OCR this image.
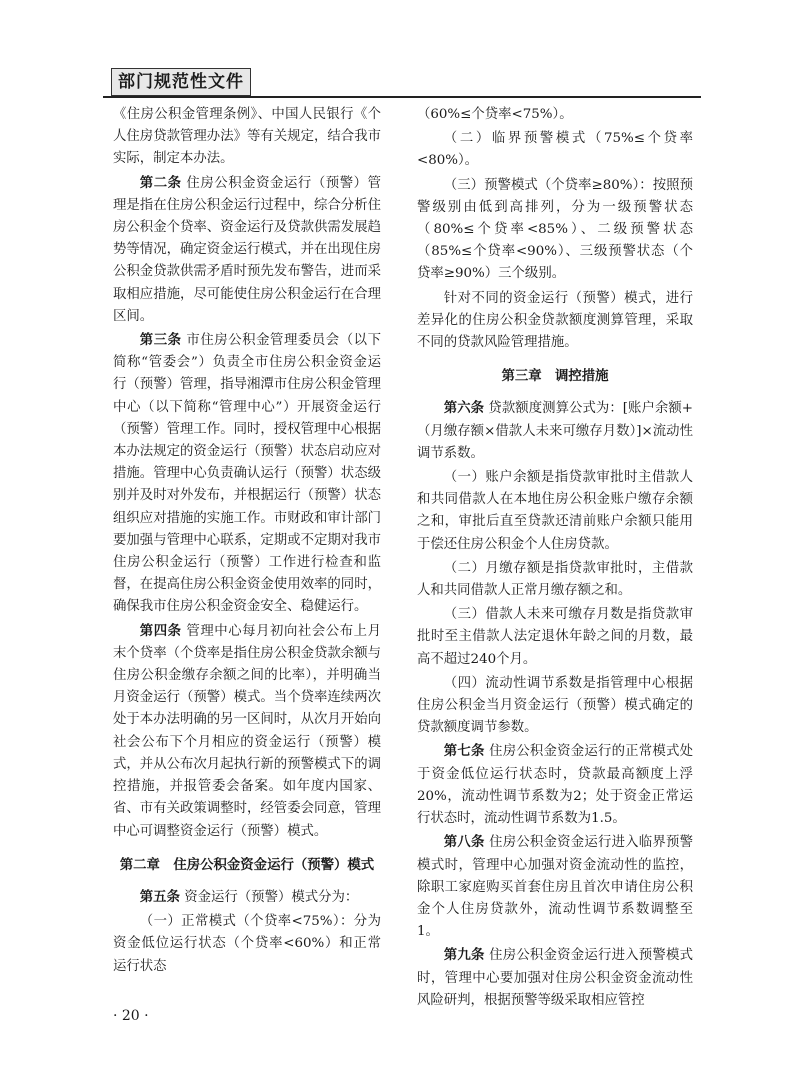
部门规范性文件

《住房公积金管理条例》、中国人民银行《个人住房贷款管理办法》等有关规定，结合我市实际，制定本办法。

第二条 住房公积金资金运行（预警）管理是指在住房公积金运行过程中，综合分析住房公积金个贷率、资金运行及贷款供需发展趋势等情况，确定资金运行模式，并在出现住房公积金贷款供需矛盾时预先发布警告，进而采取相应措施，尽可能使住房公积金运行在合理区间。

第三条 市住房公积金管理委员会（以下简称“管委会”）负责全市住房公积金资金运行（预警）管理，指导湘潭市住房公积金管理中心（以下简称“管理中心”）开展资金运行（预警）管理工作。同时，授权管理中心根据本办法规定的资金运行（预警）状态启动应对措施。管理中心负责确认运行（预警）状态级别并及时对外发布，并根据运行（预警）状态组织应对措施的实施工作。市财政和审计部门要加强与管理中心联系，定期或不定期对我市住房公积金运行（预警）工作进行检查和监督，在提高住房公积金资金使用效率的同时，确保我市住房公积金资金安全、稳健运行。

第四条 管理中心每月初向社会公布上月末个贷率（个贷率是指住房公积金贷款余额与住房公积金缴存余额之间的比率），并明确当月资金运行（预警）模式。当个贷率连续两次处于本办法明确的另一区间时，从次月开始向社会公布下个月相应的资金运行（预警）模式，并从公布次月起执行新的预警模式下的调控措施，并报管委会备案。如年度内国家、省、市有关政策调整时，经管委会同意，管理中心可调整资金运行（预警）模式。

第二章 住房公积金资金运行（预警）模式

第五条 资金运行（预警）模式分为：

（一）正常模式（个贷率<75%）：分为资金低位运行状态（个贷率<60%）和正常运行状态

（60%≤个贷率<75%）。

（二）临界预警模式（75%≤个贷率<80%）。

（三）预警模式（个贷率≥80%）：按照预警级别由低到高排列，分为一级预警状态（80%≤个贷率<85%）、二级预警状态（85%≤个贷率<90%）、三级预警状态（个贷率≥90%）三个级别。

针对不同的资金运行（预警）模式，进行差异化的住房公积金贷款额度测算管理，采取不同的贷款风险管理措施。

第三章 调控措施

第六条 贷款额度测算公式为：[账户余额+（月缴存额×借款人未来可缴存月数）]×流动性调节系数。

（一）账户余额是指贷款审批时主借款人和共同借款人在本地住房公积金账户缴存余额之和，审批后直至贷款还清前账户余额只能用于偿还住房公积金个人住房贷款。

（二）月缴存额是指贷款审批时，主借款人和共同借款人正常月缴存额之和。

（三）借款人未来可缴存月数是指贷款审批时至主借款人法定退休年龄之间的月数，最高不超过240个月。

（四）流动性调节系数是指管理中心根据住房公积金当月资金运行（预警）模式确定的贷款额度调节参数。

第七条 住房公积金资金运行的正常模式处于资金低位运行状态时，贷款最高额度上浮20%，流动性调节系数为2；处于资金正常运行状态时，流动性调节系数为1.5。

第八条 住房公积金资金运行进入临界预警模式时，管理中心加强对资金流动性的监控，除职工家庭购买首套住房且首次申请住房公积金个人住房贷款外，流动性调节系数调整至1。

第九条 住房公积金资金运行进入预警模式时，管理中心要加强对住房公积金资金流动性风险研判，根据预警等级采取相应管控

· 20 ·
